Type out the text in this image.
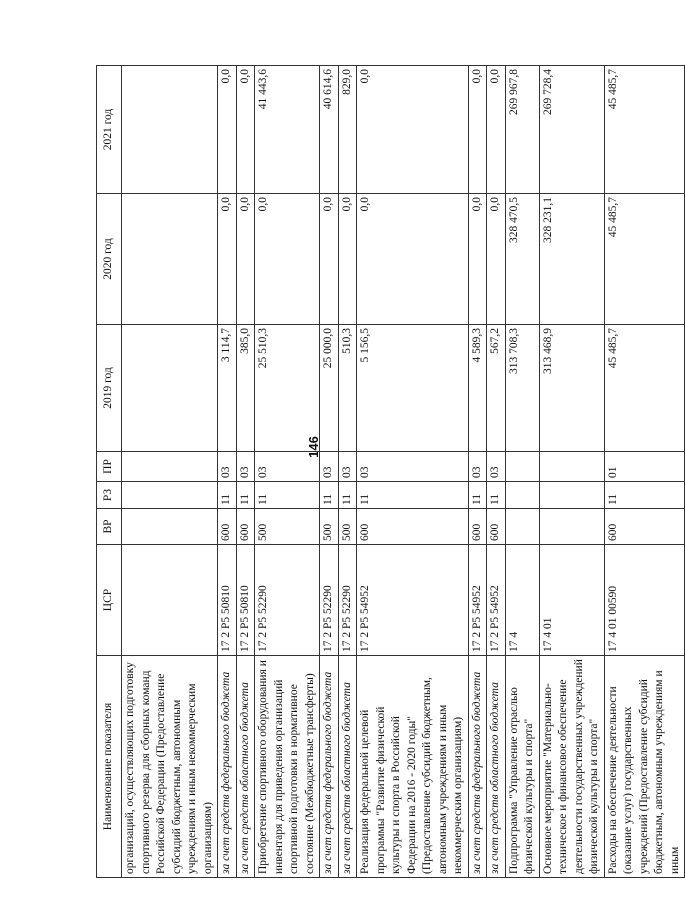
146
Наименование показателя	ЦСР	ВР	РЗ	ПР	2019 год	2020 год	2021 год
организаций, осуществляющих подготовку спортивного резерва для сборных команд Российской Федерации (Предоставление субсидий бюджетным, автономным учреждениям и иным некоммерческим организациям)							
за счет средств федерального бюджета	17 2 P5 50810	600	11	03	3 114,7	0,0	0,0
за счет средств областного бюджета	17 2 P5 50810	600	11	03	385,0	0,0	0,0
Приобретение спортивного оборудования и инвентаря для приведения организаций спортивной подготовки в нормативное состояние (Межбюджетные трансферты)	17 2 P5 52290	500	11	03	25 510,3	0,0	41 443,6
за счет средств федерального бюджета	17 2 P5 52290	500	11	03	25 000,0	0,0	40 614,6
за счет средств областного бюджета	17 2 P5 52290	500	11	03	510,3	0,0	829,0
Реализация федеральной целевой программы "Развитие физической культуры и спорта в Российской Федерации на 2016 - 2020 годы" (Предоставление субсидий бюджетным, автономным учреждениям и иным некоммерческим организациям)	17 2 P5 54952	600	11	03	5 156,5	0,0	0,0
за счет средств федерального бюджета	17 2 P5 54952	600	11	03	4 589,3	0,0	0,0
за счет средств областного бюджета	17 2 P5 54952	600	11	03	567,2	0,0	0,0
Подпрограмма "Управление отраслью физической культуры и спорта"	17 4				313 708,3	328 470,5	269 967,8
Основное мероприятие "Материально-техническое и финансовое обеспечение деятельности государственных учреждений физической культуры и спорта"	17 4 01				313 468,9	328 231,1	269 728,4
Расходы на обеспечение деятельности (оказание услуг) государственных учреждений (Предоставление субсидий бюджетным, автономным учреждениям и иным	17 4 01 00590	600	11	01	45 485,7	45 485,7	45 485,7
